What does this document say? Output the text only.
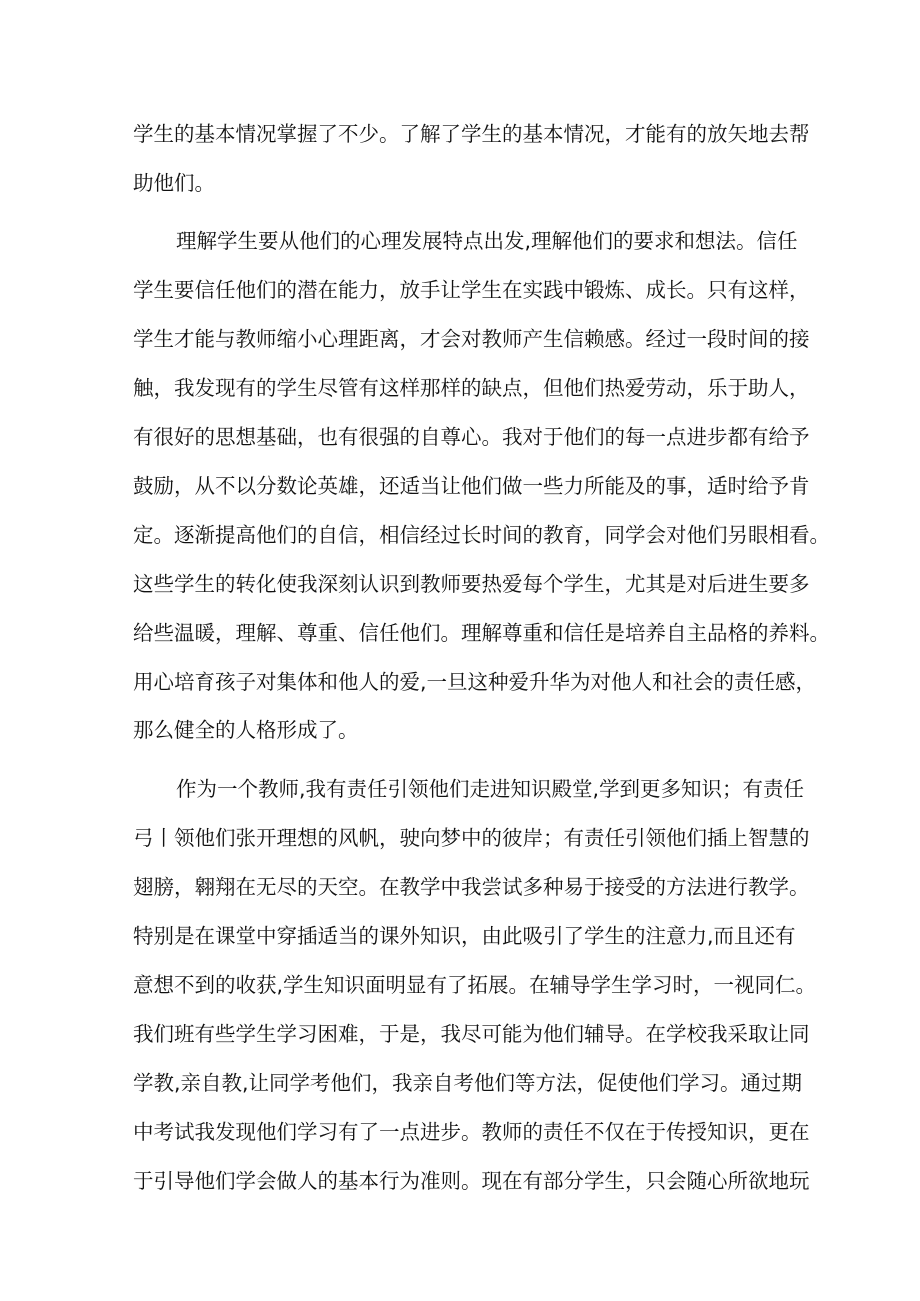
学生的基本情况掌握了不少。了解了学生的基本情况，才能有的放矢地去帮
助他们。
理解学生要从他们的心理发展特点出发,理解他们的要求和想法。信任
学生要信任他们的潜在能力，放手让学生在实践中锻炼、成长。只有这样，
学生才能与教师缩小心理距离，才会对教师产生信赖感。经过一段时间的接
触，我发现有的学生尽管有这样那样的缺点，但他们热爱劳动，乐于助人，
有很好的思想基础，也有很强的自尊心。我对于他们的每一点进步都有给予
鼓励，从不以分数论英雄，还适当让他们做一些力所能及的事，适时给予肯
定。逐渐提高他们的自信，相信经过长时间的教育，同学会对他们另眼相看。
这些学生的转化使我深刻认识到教师要热爱每个学生，尤其是对后进生要多
给些温暖，理解、尊重、信任他们。理解尊重和信任是培养自主品格的养料。
用心培育孩子对集体和他人的爱,一旦这种爱升华为对他人和社会的责任感，
那么健全的人格形成了。
作为一个教师,我有责任引领他们走进知识殿堂,学到更多知识；有责任
弓丨领他们张开理想的风帆，驶向梦中的彼岸；有责任引领他们插上智慧的
翅膀，翱翔在无尽的天空。在教学中我尝试多种易于接受的方法进行教学。
特别是在课堂中穿插适当的课外知识，由此吸引了学生的注意力,而且还有
意想不到的收获,学生知识面明显有了拓展。在辅导学生学习时，一视同仁。
我们班有些学生学习困难，于是，我尽可能为他们辅导。在学校我采取让同
学教,亲自教,让同学考他们，我亲自考他们等方法，促使他们学习。通过期
中考试我发现他们学习有了一点进步。教师的责任不仅在于传授知识，更在
于引导他们学会做人的基本行为准则。现在有部分学生，只会随心所欲地玩
